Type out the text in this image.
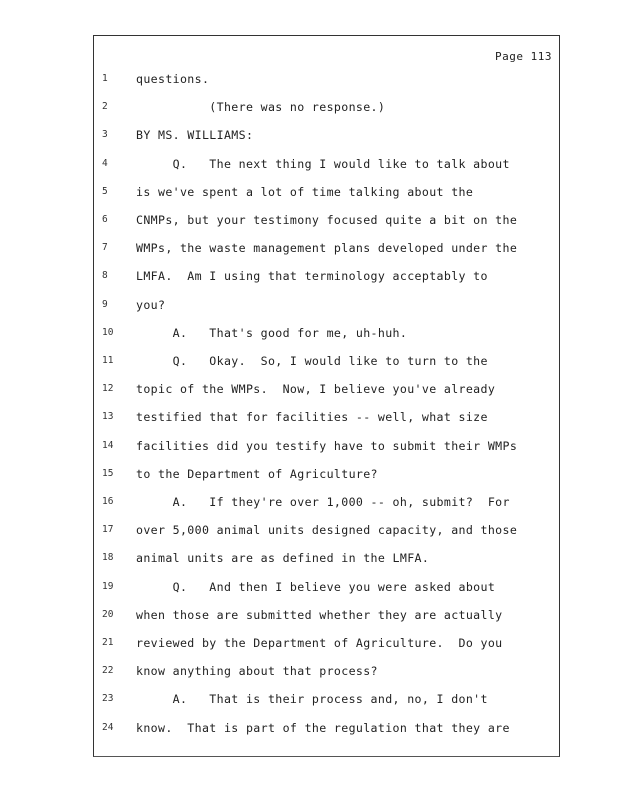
Page 113
1	questions.
2	(There was no response.)
3	BY MS. WILLIAMS:
4	Q.   The next thing I would like to talk about
5	is we've spent a lot of time talking about the
6	CNMPs, but your testimony focused quite a bit on the
7	WMPs, the waste management plans developed under the
8	LMFA.  Am I using that terminology acceptably to
9	you?
10	A.   That's good for me, uh-huh.
11	Q.   Okay.  So, I would like to turn to the
12	topic of the WMPs.  Now, I believe you've already
13	testified that for facilities -- well, what size
14	facilities did you testify have to submit their WMPs
15	to the Department of Agriculture?
16	A.   If they're over 1,000 -- oh, submit?  For
17	over 5,000 animal units designed capacity, and those
18	animal units are as defined in the LMFA.
19	Q.   And then I believe you were asked about
20	when those are submitted whether they are actually
21	reviewed by the Department of Agriculture.  Do you
22	know anything about that process?
23	A.   That is their process and, no, I don't
24	know.  That is part of the regulation that they are
